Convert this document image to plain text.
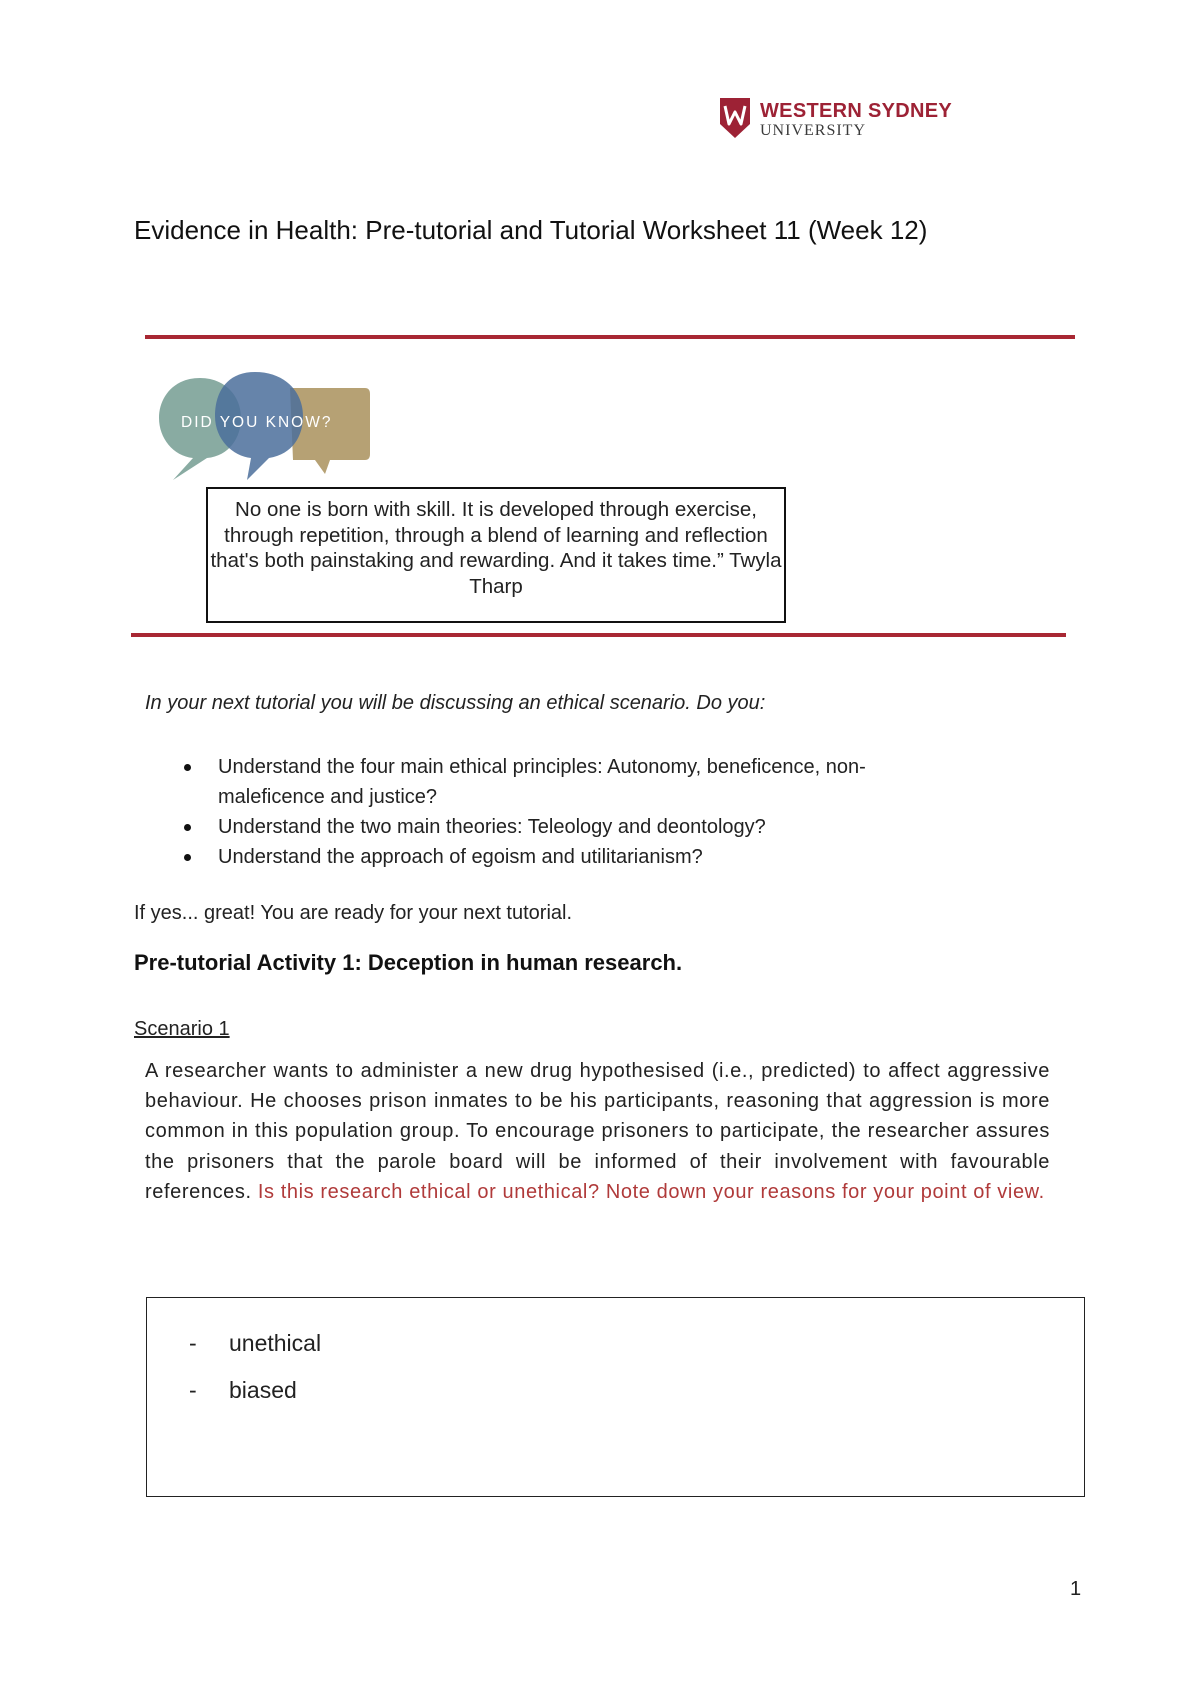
WESTERN SYDNEY
UNIVERSITY
Evidence in Health: Pre-tutorial and Tutorial Worksheet 11 (Week 12)
DID YOU KNOW?
No one is born with skill. It is developed through exercise, through repetition, through a blend of learning and reflection that's both painstaking and rewarding. And it takes time.” Twyla Tharp
In your next tutorial you will be discussing an ethical scenario. Do you:
Understand the four main ethical principles: Autonomy, beneficence, non-maleficence and justice?
Understand the two main theories: Teleology and deontology?
Understand the approach of egoism and utilitarianism?
If yes... great! You are ready for your next tutorial.
Pre-tutorial Activity 1: Deception in human research.
Scenario 1
A researcher wants to administer a new drug hypothesised (i.e., predicted) to affect aggressive behaviour. He chooses prison inmates to be his participants, reasoning that aggression is more common in this population group. To encourage prisoners to participate, the researcher assures the prisoners that the parole board will be informed of their involvement with favourable references. Is this research ethical or unethical? Note down your reasons for your point of view.
- unethical
- biased
1
